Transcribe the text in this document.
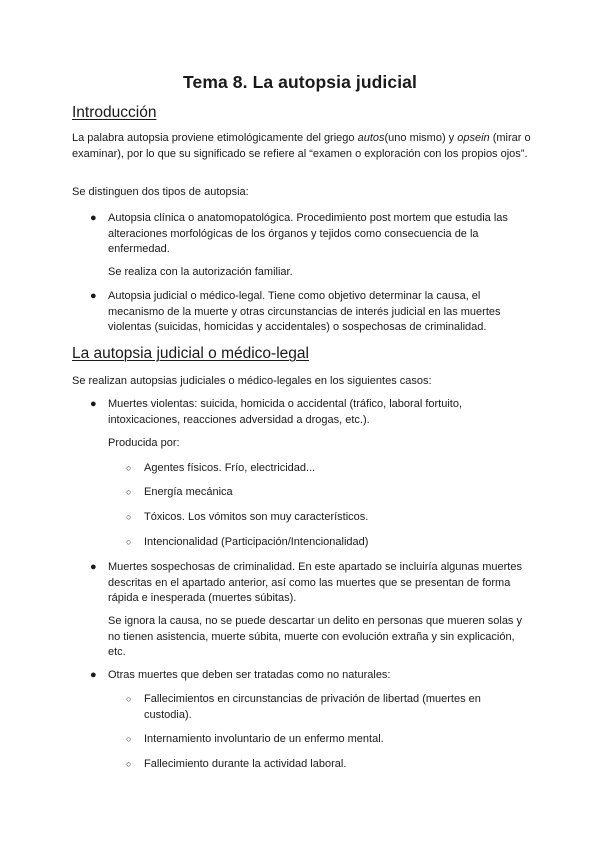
Tema 8. La autopsia judicial
Introducción
La palabra autopsia proviene etimológicamente del griego autos(uno mismo) y opsein (mirar o examinar), por lo que su significado se refiere al “examen o exploración con los propios ojos”.
Se distinguen dos tipos de autopsia:
● Autopsia clínica o anatomopatológica. Procedimiento post mortem que estudia las alteraciones morfológicas de los órganos y tejidos como consecuencia de la enfermedad.
Se realiza con la autorización familiar.
● Autopsia judicial o médico-legal. Tiene como objetivo determinar la causa, el mecanismo de la muerte y otras circunstancias de interés judicial en las muertes violentas (suicidas, homicidas y accidentales) o sospechosas de criminalidad.
La autopsia judicial o médico-legal
Se realizan autopsias judiciales o médico-legales en los siguientes casos:
● Muertes violentas: suicida, homicida o accidental (tráfico, laboral fortuito, intoxicaciones, reacciones adversidad a drogas, etc.).
Producida por:
○ Agentes físicos. Frío, electricidad...
○ Energía mecánica
○ Tóxicos. Los vómitos son muy característicos.
○ Intencionalidad (Participación/Intencionalidad)
● Muertes sospechosas de criminalidad. En este apartado se incluiría algunas muertes descritas en el apartado anterior, así como las muertes que se presentan de forma rápida e inesperada (muertes súbitas).
Se ignora la causa, no se puede descartar un delito en personas que mueren solas y no tienen asistencia, muerte súbita, muerte con evolución extraña y sin explicación, etc.
● Otras muertes que deben ser tratadas como no naturales:
○ Fallecimientos en circunstancias de privación de libertad (muertes en custodia).
○ Internamiento involuntario de un enfermo mental.
○ Fallecimiento durante la actividad laboral.
